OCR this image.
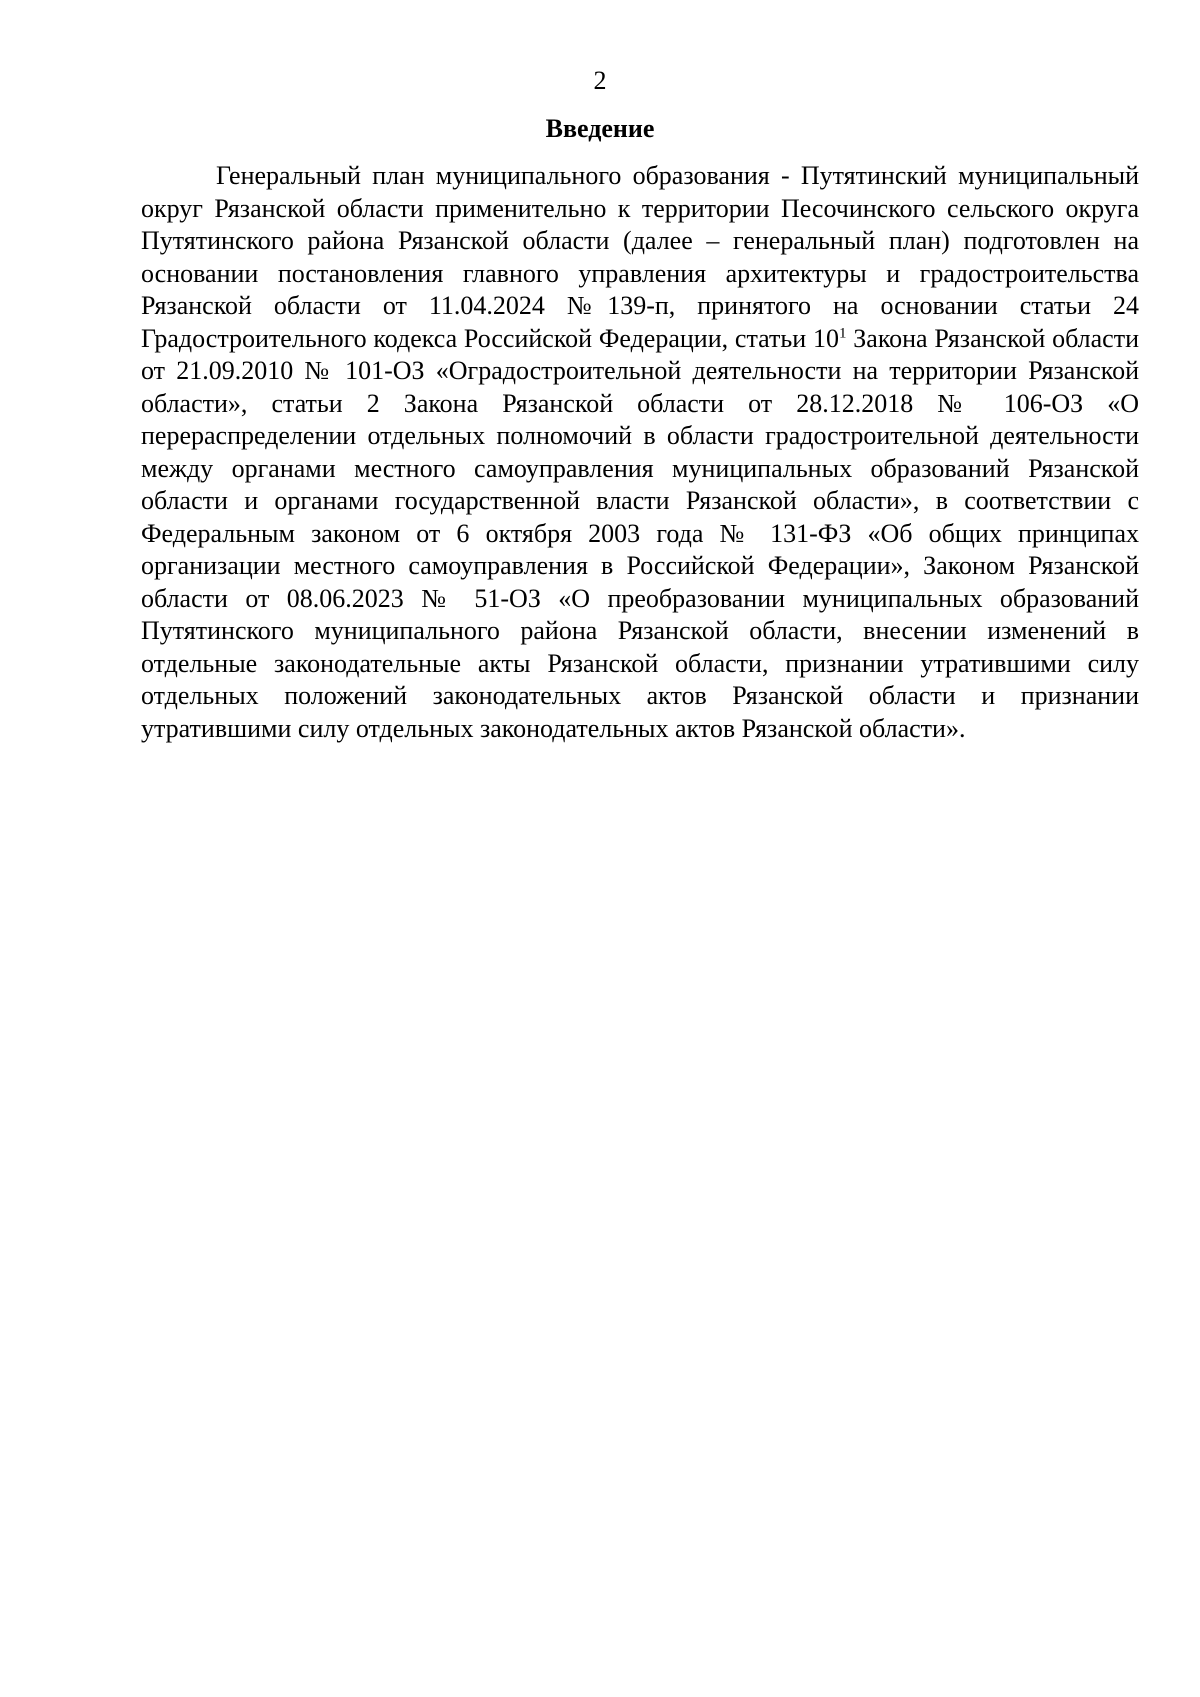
2
Введение

Генеральный план муниципального образования - Путятинский муниципальный округ Рязанской области применительно к территории Песочинского сельского округа Путятинского района Рязанской области (далее – генеральный план) подготовлен на основании постановления главного управления архитектуры и градостроительства Рязанской области от 11.04.2024 №139-п, принятого на основании статьи 24 Градостроительного кодекса Российской Федерации, статьи $10^1$ Закона Рязанской области от 21.09.2010 № 101-ОЗ «Оградостроительной деятельности на территории Рязанской области», статьи 2 Закона Рязанской области от 28.12.2018 № 106-ОЗ «О перераспределении отдельных полномочий в области градостроительной деятельности между органами местного самоуправления муниципальных образований Рязанской области и органами государственной власти Рязанской области», в соответствии с Федеральным законом от 6 октября 2003 года № 131-ФЗ «Об общих принципах организации местного самоуправления в Российской Федерации», Законом Рязанской области от 08.06.2023 № 51-ОЗ «О преобразовании муниципальных образований Путятинского муниципального района Рязанской области, внесении изменений в отдельные законодательные акты Рязанской области, признании утратившими силу отдельных положений законодательных актов Рязанской области и признании утратившими силу отдельных законодательных актов Рязанской области».
